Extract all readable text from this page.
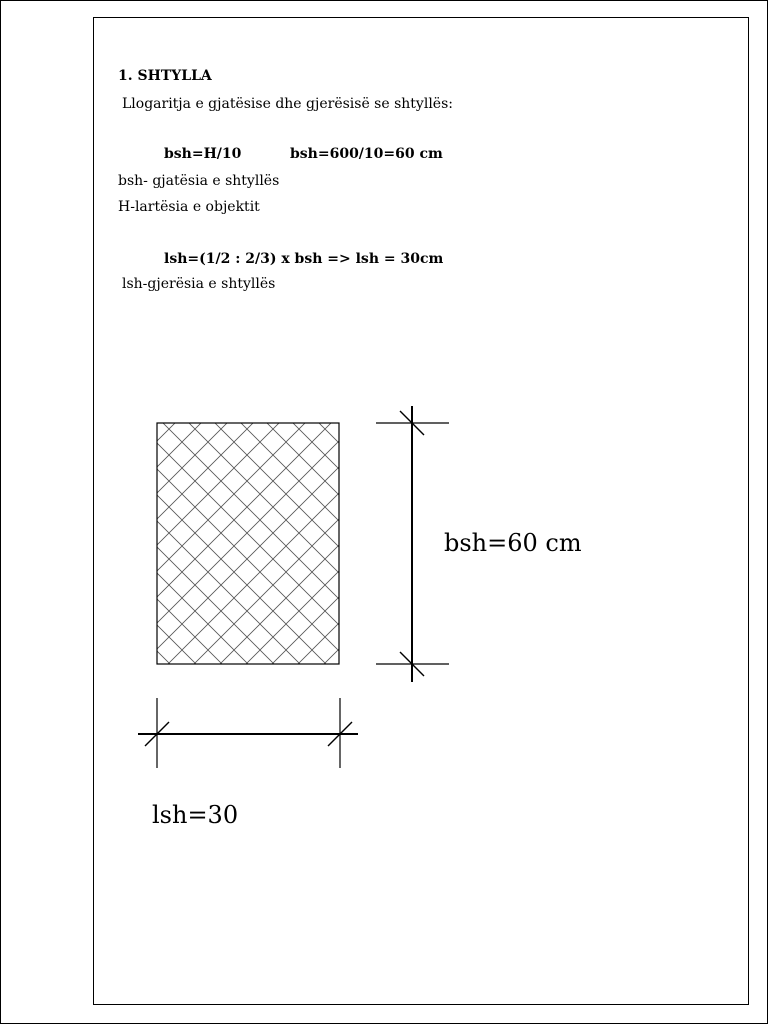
1. SHTYLLA
Llogaritja e gjatësise dhe gjerësisë se shtyllës:
bsh=H/10	bsh=600/10=60 cm
bsh- gjatësia e shtyllës
H-lartësia e objektit
lsh=(1/2 : 2/3) x bsh => lsh = 30cm
lsh-gjerësia e shtyllës
bsh=60 cm
lsh=30
